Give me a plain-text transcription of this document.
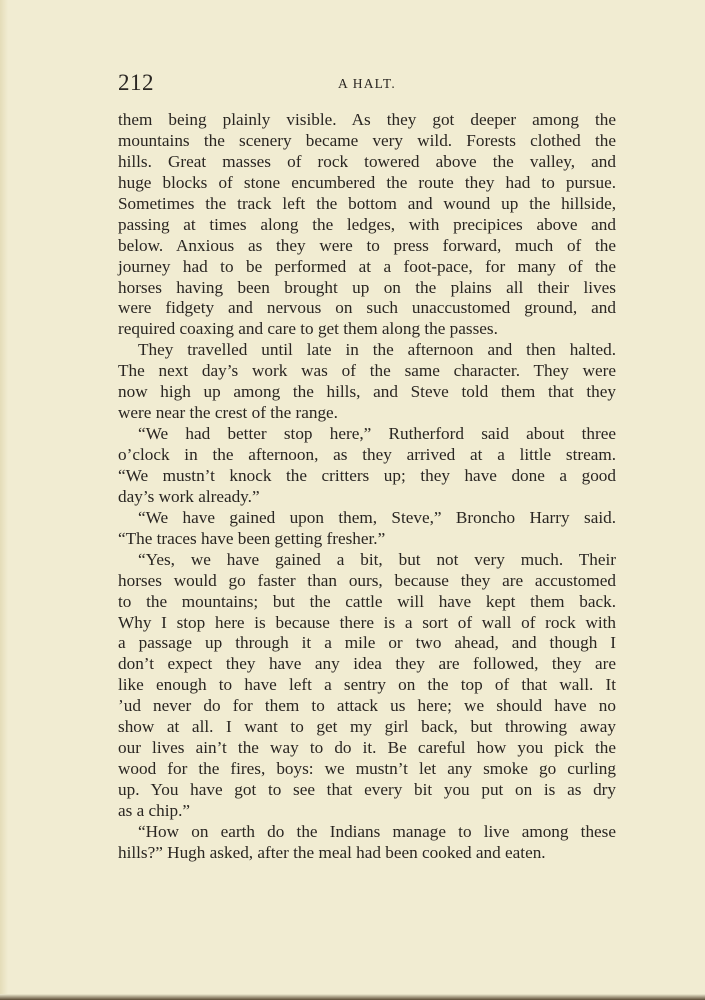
212	A HALT.
them being plainly visible. As they got deeper among the
mountains the scenery became very wild. Forests clothed the
hills. Great masses of rock towered above the valley, and
huge blocks of stone encumbered the route they had to pursue.
Sometimes the track left the bottom and wound up the hillside,
passing at times along the ledges, with precipices above and
below. Anxious as they were to press forward, much of the
journey had to be performed at a foot-pace, for many of the
horses having been brought up on the plains all their lives
were fidgety and nervous on such unaccustomed ground, and
required coaxing and care to get them along the passes.
They travelled until late in the afternoon and then halted.
The next day’s work was of the same character. They were
now high up among the hills, and Steve told them that they
were near the crest of the range.
“We had better stop here,” Rutherford said about three
o’clock in the afternoon, as they arrived at a little stream.
“We mustn’t knock the critters up; they have done a good
day’s work already.”
“We have gained upon them, Steve,” Broncho Harry said.
“The traces have been getting fresher.”
“Yes, we have gained a bit, but not very much. Their
horses would go faster than ours, because they are accustomed
to the mountains; but the cattle will have kept them back.
Why I stop here is because there is a sort of wall of rock with
a passage up through it a mile or two ahead, and though I
don’t expect they have any idea they are followed, they are
like enough to have left a sentry on the top of that wall. It
’ud never do for them to attack us here; we should have no
show at all. I want to get my girl back, but throwing away
our lives ain’t the way to do it. Be careful how you pick the
wood for the fires, boys: we mustn’t let any smoke go curling
up. You have got to see that every bit you put on is as dry
as a chip.”
“How on earth do the Indians manage to live among these
hills?” Hugh asked, after the meal had been cooked and eaten.
